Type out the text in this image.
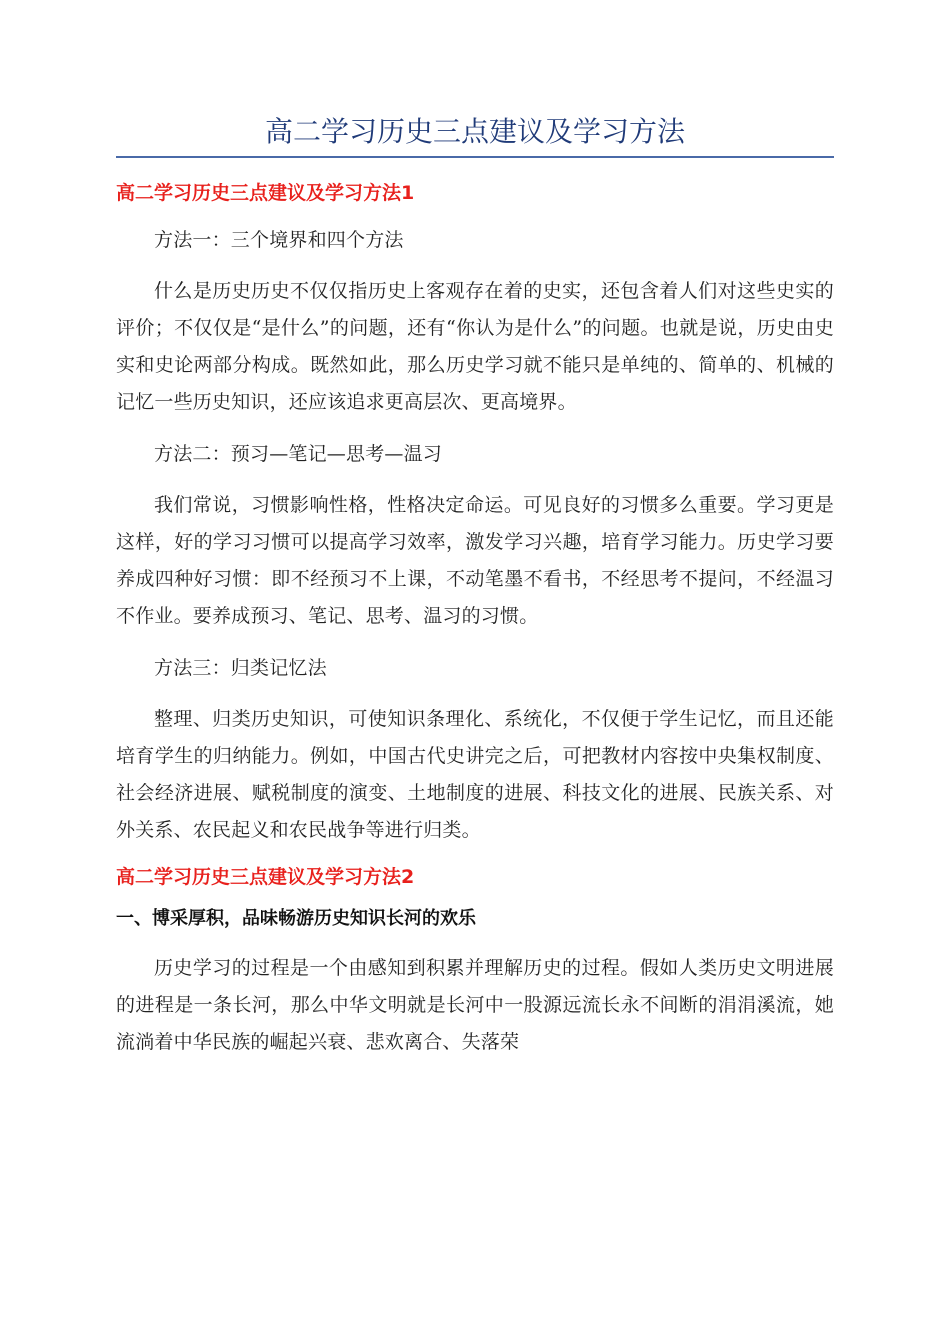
高二学习历史三点建议及学习方法
高二学习历史三点建议及学习方法1

方法一：三个境界和四个方法

什么是历史历史不仅仅指历史上客观存在着的史实，还包含着人们对这些史实的评价；不仅仅是“是什么”的问题，还有“你认为是什么”的问题。也就是说，历史由史实和史论两部分构成。既然如此，那么历史学习就不能只是单纯的、简单的、机械的记忆一些历史知识，还应该追求更高层次、更高境界。

方法二：预习—笔记—思考—温习

我们常说，习惯影响性格，性格决定命运。可见良好的习惯多么重要。学习更是这样，好的学习习惯可以提高学习效率，激发学习兴趣，培育学习能力。历史学习要养成四种好习惯：即不经预习不上课，不动笔墨不看书，不经思考不提问，不经温习不作业。要养成预习、笔记、思考、温习的习惯。

方法三：归类记忆法

整理、归类历史知识，可使知识条理化、系统化，不仅便于学生记忆，而且还能培育学生的归纳能力。例如，中国古代史讲完之后，可把教材内容按中央集权制度、社会经济进展、赋税制度的演变、土地制度的进展、科技文化的进展、民族关系、对外关系、农民起义和农民战争等进行归类。

高二学习历史三点建议及学习方法2
一、博采厚积，品味畅游历史知识长河的欢乐

历史学习的过程是一个由感知到积累并理解历史的过程。假如人类历史文明进展的进程是一条长河，那么中华文明就是长河中一股源远流长永不间断的涓涓溪流，她流淌着中华民族的崛起兴衰、悲欢离合、失落荣
